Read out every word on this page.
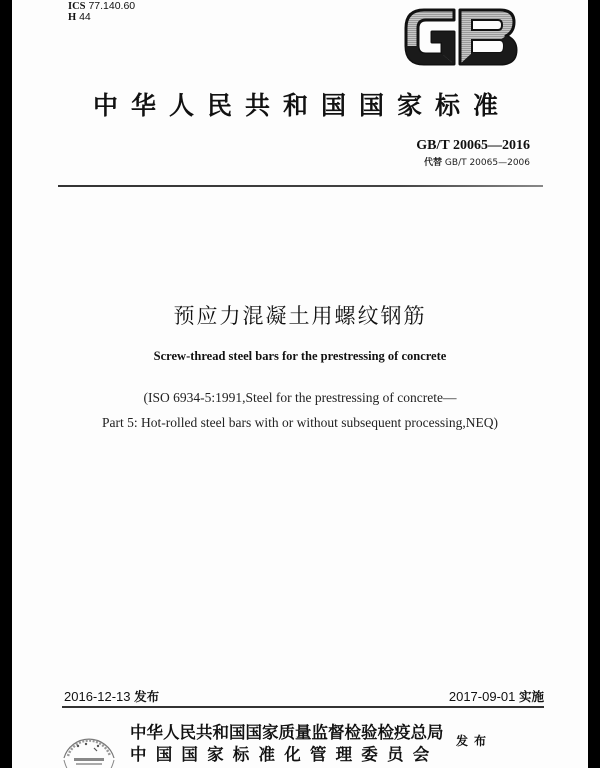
ICS 77.140.60
H 44
中华人民共和国国家标准
GB/T 20065—2016
代替 GB/T 20065—2006
预应力混凝土用螺纹钢筋
Screw-thread steel bars for the prestressing of concrete
(ISO 6934-5:1991,Steel for the prestressing of concrete—
Part 5: Hot-rolled steel bars with or without subsequent processing,NEQ)
2016-12-13 发布	2017-09-01 实施
中华人民共和国国家质量监督检验检疫总局
中国国家标准化管理委员会
发布
